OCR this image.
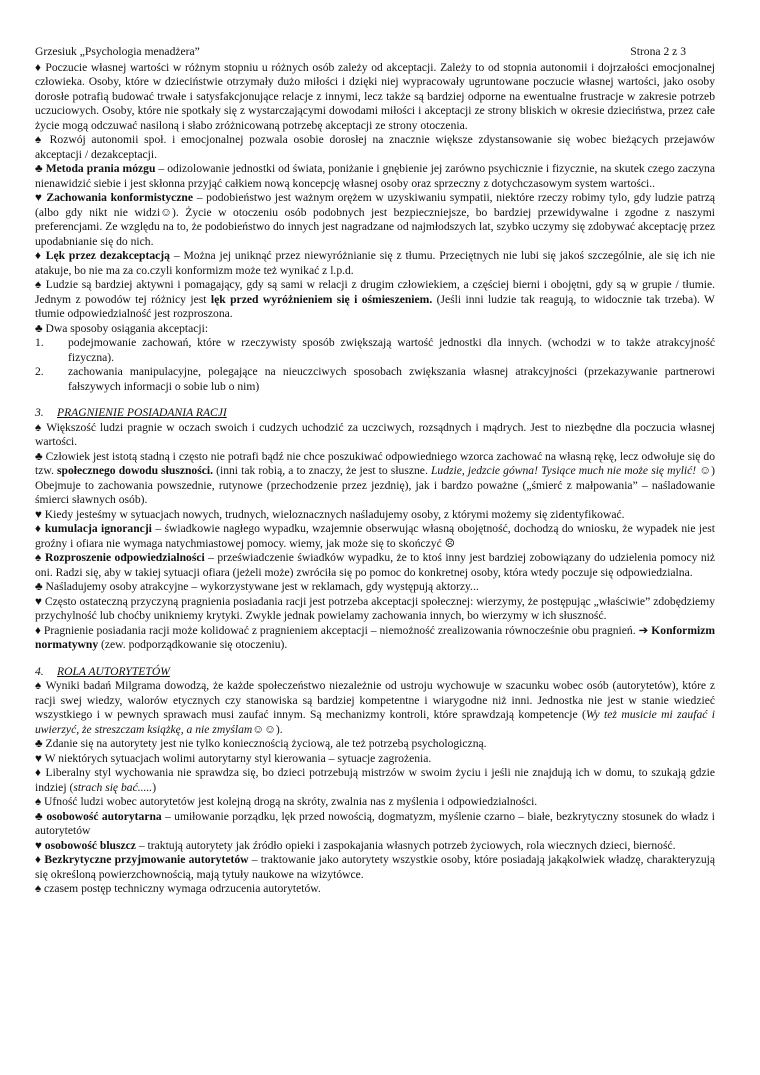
Grzesiuk „Psychologia menadżera”	Strona 2 z 3

♦ Poczucie własnej wartości w różnym stopniu u różnych osób zależy od akceptacji. Zależy to od stopnia autonomii i dojrzałości emocjonalnej człowieka. Osoby, które w dzieciństwie otrzymały dużo miłości i dzięki niej wypracowały ugruntowane poczucie własnej wartości, jako osoby dorosłe potrafią budować trwałe i satysfakcjonujące relacje z innymi, lecz także są bardziej odporne na ewentualne frustracje w zakresie potrzeb uczuciowych. Osoby, które nie spotkały się z wystarczającymi dowodami miłości i akceptacji ze strony bliskich w okresie dzieciństwa, przez całe życie mogą odczuwać nasiloną i słabo zróżnicowaną potrzebę akceptacji ze strony otoczenia.

♠ Rozwój autonomii społ. i emocjonalnej pozwala osobie dorosłej na znacznie większe zdystansowanie się wobec bieżących przejawów akceptacji / dezakceptacji.

♣ Metoda prania mózgu – odizolowanie jednostki od świata, poniżanie i gnębienie jej zarówno psychicznie i fizycznie, na skutek czego zaczyna nienawidzić siebie i jest skłonna przyjąć całkiem nową koncepcję własnej osoby oraz sprzeczny z dotychczasowym system wartości..

♥ Zachowania konformistyczne – podobieństwo jest ważnym orężem w uzyskiwaniu sympatii, niektóre rzeczy robimy tylo, gdy ludzie patrzą (albo gdy nikt nie widzi☺). Życie w otoczeniu osób podobnych jest bezpieczniejsze, bo bardziej przewidywalne i zgodne z naszymi preferencjami. Ze względu na to, że podobieństwo do innych jest nagradzane od najmłodszych lat, szybko uczymy się zdobywać akceptację przez upodabnianie się do nich.

♦ Lęk przez dezakceptacją – Można jej uniknąć przez niewyróżnianie się z tłumu. Przeciętnych nie lubi się jakoś szczególnie, ale się ich nie atakuje, bo nie ma za co.czyli konformizm może też wynikać z l.p.d.

♠ Ludzie są bardziej aktywni i pomagający, gdy są sami w relacji z drugim człowiekiem, a częściej bierni i obojętni, gdy są w grupie / tłumie. Jednym z powodów tej różnicy jest lęk przed wyróżnieniem się i ośmieszeniem. (Jeśli inni ludzie tak reagują, to widocznie tak trzeba). W tłumie odpowiedzialność jest rozproszona.

♣ Dwa sposoby osiągania akceptacji:

1.	podejmowanie zachowań, które w rzeczywisty sposób zwiększają wartość jednostki dla innych. (wchodzi w to także atrakcyjność fizyczna).
2.	zachowania manipulacyjne, polegające na nieuczciwych sposobach zwiększania własnej atrakcyjności (przekazywanie partnerowi fałszywych informacji o sobie lub o nim)
3. PRAGNIENIE POSIADANIA RACJI

♠ Większość ludzi pragnie w oczach swoich i cudzych uchodzić za uczciwych, rozsądnych i mądrych. Jest to niezbędne dla poczucia własnej wartości.

♣ Człowiek jest istotą stadną i często nie potrafi bądź nie chce poszukiwać odpowiedniego wzorca zachować na własną rękę, lecz odwołuje się do tzw. społecznego dowodu słuszności. (inni tak robią, a to znaczy, że jest to słuszne. Ludzie, jedzcie gówna! Tysiące much nie może się mylić! ☺) Obejmuje to zachowania powszednie, rutynowe (przechodzenie przez jezdnię), jak i bardzo poważne („śmierć z małpowania” – naśladowanie śmierci sławnych osób).

♥ Kiedy jesteśmy w sytuacjach nowych, trudnych, wieloznacznych naśladujemy osoby, z którymi możemy się zidentyfikować.

♦ kumulacja ignorancji – świadkowie nagłego wypadku, wzajemnie obserwując własną obojętność, dochodzą do wniosku, że wypadek nie jest groźny i ofiara nie wymaga natychmiastowej pomocy. wiemy, jak może się to skończyć ☹

♠ Rozproszenie odpowiedzialności – przeświadczenie świadków wypadku, że to ktoś inny jest bardziej zobowiązany do udzielenia pomocy niż oni. Radzi się, aby w takiej sytuacji ofiara (jeżeli może) zwróciła się po pomoc do konkretnej osoby, która wtedy poczuje się odpowiedzialna.

♣ Naśladujemy osoby atrakcyjne – wykorzystywane jest w reklamach, gdy występują aktorzy...

♥ Często ostateczną przyczyną pragnienia posiadania racji jest potrzeba akceptacji społecznej: wierzymy, że postępując „właściwie” zdobędziemy przychylność lub choćby unikniemy krytyki. Zwykle jednak powielamy zachowania innych, bo wierzymy w ich słuszność.

♦ Pragnienie posiadania racji może kolidować z pragnieniem akceptacji – niemożność zrealizowania równocześnie obu pragnień. ➔ Konformizm normatywny (zew. podporządkowanie się otoczeniu).

4. ROLA AUTORYTETÓW

♠ Wyniki badań Milgrama dowodzą, że każde społeczeństwo niezależnie od ustroju wychowuje w szacunku wobec osób (autorytetów), które z racji swej wiedzy, walorów etycznych czy stanowiska są bardziej kompetentne i wiarygodne niż inni. Jednostka nie jest w stanie wiedzieć wszystkiego i w pewnych sprawach musi zaufać innym. Są mechanizmy kontroli, które sprawdzają kompetencje (Wy też musicie mi zaufać i uwierzyć, że streszczam książkę, a nie zmyślam☺☺).

♣ Zdanie się na autorytety jest nie tylko koniecznością życiową, ale też potrzebą psychologiczną.

♥ W niektórych sytuacjach wolimi autorytarny styl kierowania – sytuacje zagrożenia.

♦ Liberalny styl wychowania nie sprawdza się, bo dzieci potrzebują mistrzów w swoim życiu i jeśli nie znajdują ich w domu, to szukają gdzie indziej (strach się bać.....)

♠ Ufność ludzi wobec autorytetów jest kolejną drogą na skróty, zwalnia nas z myślenia i odpowiedzialności.

♣ osobowość autorytarna – umiłowanie porządku, lęk przed nowością, dogmatyzm, myślenie czarno – białe, bezkrytyczny stosunek do władz i autorytetów

♥ osobowość bluszcz – traktują autorytety jak źródło opieki i zaspokajania własnych potrzeb życiowych, rola wiecznych dzieci, bierność.

♦ Bezkrytyczne przyjmowanie autorytetów – traktowanie jako autorytety wszystkie osoby, które posiadają jakąkolwiek władzę, charakteryzują się określoną powierzchownością, mają tytuły naukowe na wizytówce.

♠ czasem postęp techniczny wymaga odrzucenia autorytetów.
